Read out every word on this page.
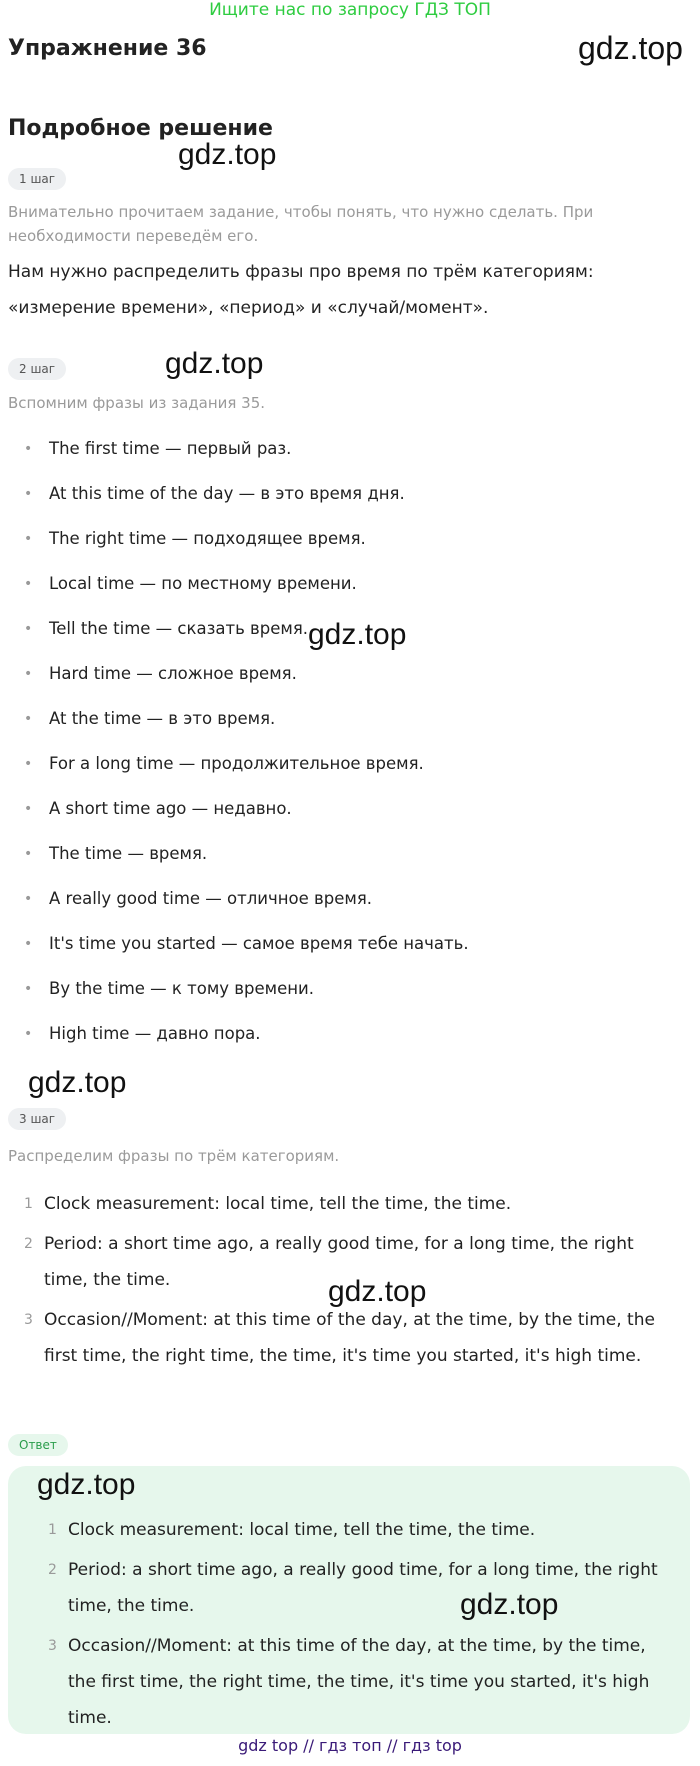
Ищите нас по запросу ГДЗ ТОП
Упражнение 36	gdz.top
Подробное решение
gdz.top
1 шаг
Внимательно прочитаем задание, чтобы понять, что нужно сделать. При необходимости переведём его.
Нам нужно распределить фразы про время по трём категориям: «измерение времени», «период» и «случай/момент».
2 шаг	gdz.top
Вспомним фразы из задания 35.
• The first time — первый раз.
• At this time of the day — в это время дня.
• The right time — подходящее время.
• Local time — по местному времени.
• Tell the time — сказать время.
• Hard time — сложное время.
• At the time — в это время.
• For a long time — продолжительное время.
• A short time ago — недавно.
• The time — время.
• A really good time — отличное время.
• It's time you started — самое время тебе начать.
• By the time — к тому времени.
• High time — давно пора.
gdz.top
gdz.top
3 шаг
Распределим фразы по трём категориям.
1 Clock measurement: local time, tell the time, the time.
2 Period: a short time ago, a really good time, for a long time, the right time, the time.
3 Occasion//Moment: at this time of the day, at the time, by the time, the first time, the right time, the time, it's time you started, it's high time.
gdz.top
Ответ
gdz.top
1 Clock measurement: local time, tell the time, the time.
2 Period: a short time ago, a really good time, for a long time, the right time, the time.
3 Occasion//Moment: at this time of the day, at the time, by the time, the first time, the right time, the time, it's time you started, it's high time.
gdz.top
gdz top // гдз топ // гдз top
